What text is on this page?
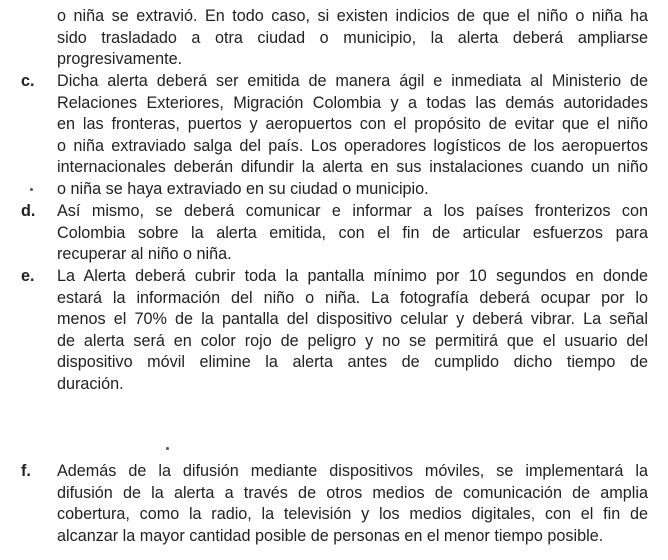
o niña se extravió. En todo caso, si existen indicios de que el niño o niña ha
sido trasladado a otra ciudad o municipio, la alerta deberá ampliarse
progresivamente.
c. Dicha alerta deberá ser emitida de manera ágil e inmediata al Ministerio de
Relaciones Exteriores, Migración Colombia y a todas las demás autoridades
en las fronteras, puertos y aeropuertos con el propósito de evitar que el niño
o niña extraviado salga del país. Los operadores logísticos de los aeropuertos
internacionales deberán difundir la alerta en sus instalaciones cuando un niño
o niña se haya extraviado en su ciudad o municipio.
d. Así mismo, se deberá comunicar e informar a los países fronterizos con
Colombia sobre la alerta emitida, con el fin de articular esfuerzos para
recuperar al niño o niña.
e. La Alerta deberá cubrir toda la pantalla mínimo por 10 segundos en donde
estará la información del niño o niña. La fotografía deberá ocupar por lo
menos el 70% de la pantalla del dispositivo celular y deberá vibrar. La señal
de alerta será en color rojo de peligro y no se permitirá que el usuario del
dispositivo móvil elimine la alerta antes de cumplido dicho tiempo de
duración.
f. Además de la difusión mediante dispositivos móviles, se implementará la
difusión de la alerta a través de otros medios de comunicación de amplia
cobertura, como la radio, la televisión y los medios digitales, con el fin de
alcanzar la mayor cantidad posible de personas en el menor tiempo posible.
